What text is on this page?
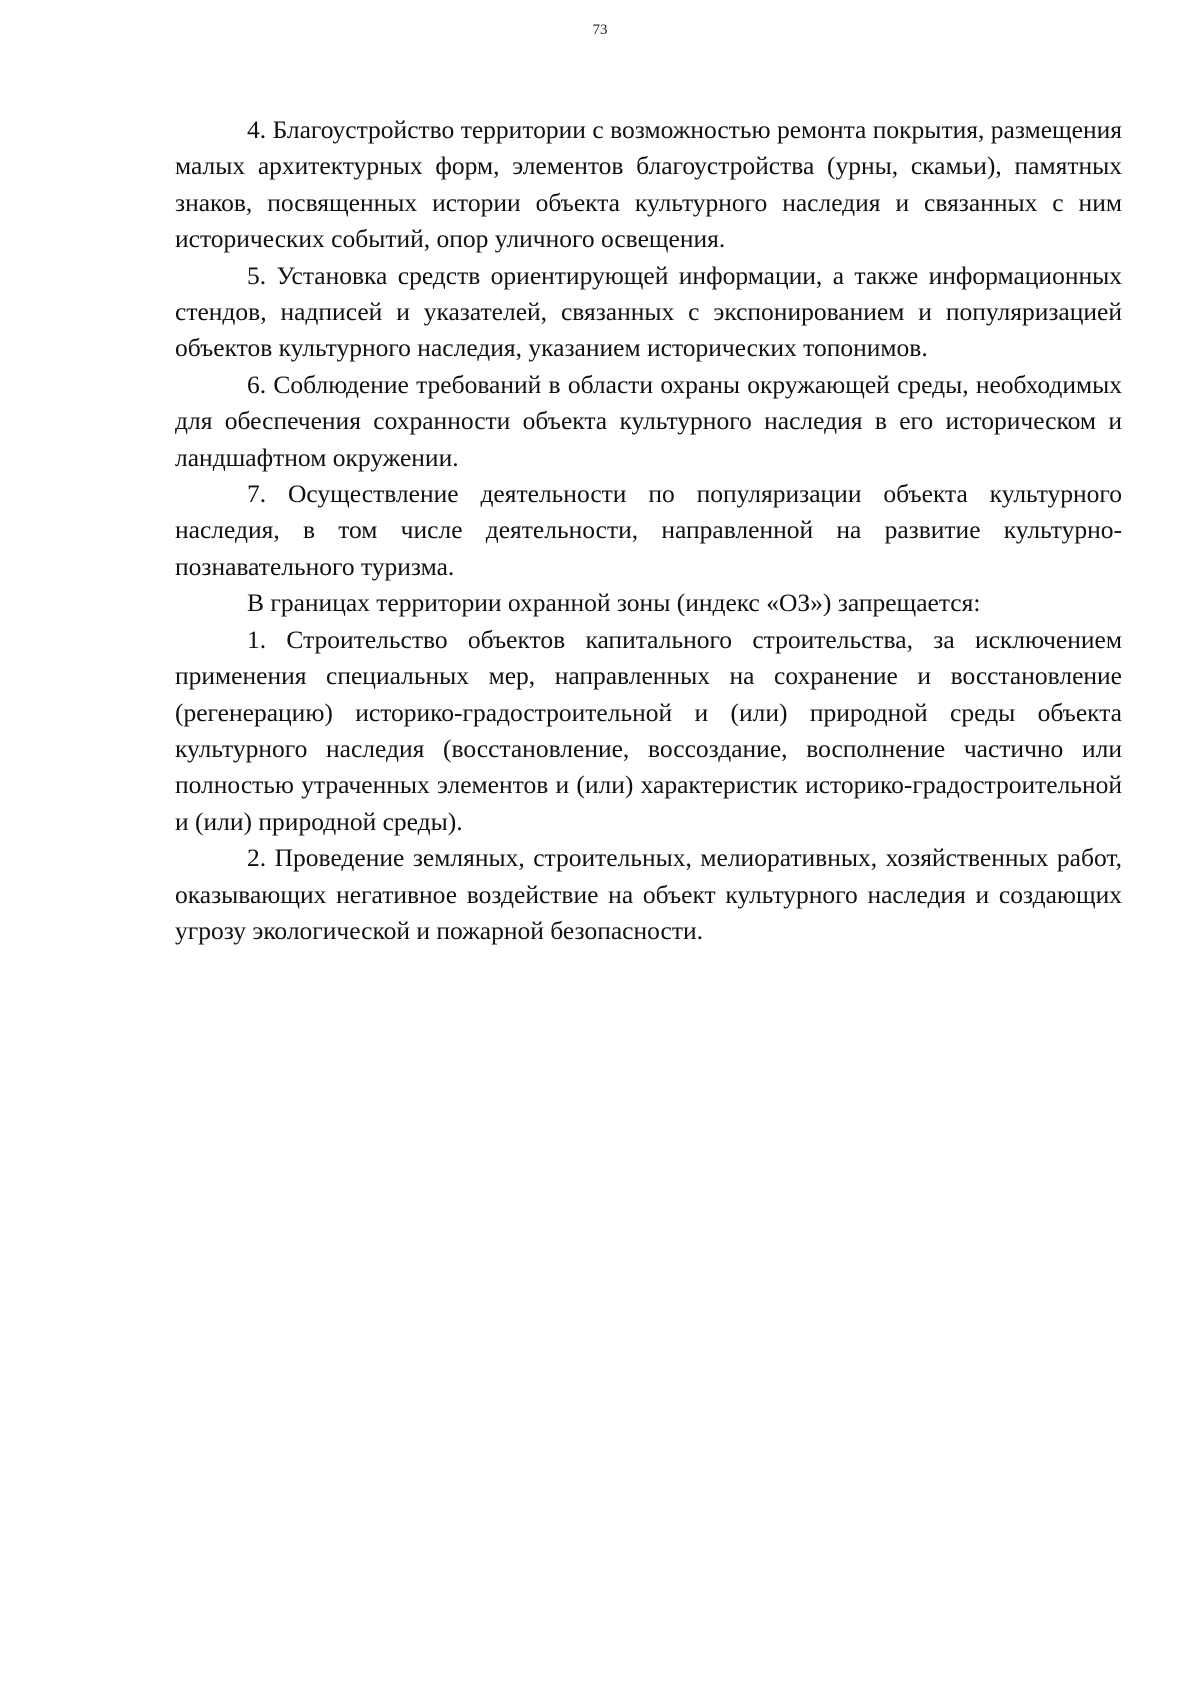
73

4. Благоустройство территории с возможностью ремонта покрытия, размещения малых архитектурных форм, элементов благоустройства (урны, скамьи), памятных знаков, посвященных истории объекта культурного наследия и связанных с ним исторических событий, опор уличного освещения.

5. Установка средств ориентирующей информации, а также информационных стендов, надписей и указателей, связанных с экспонированием и популяризацией объектов культурного наследия, указанием исторических топонимов.

6. Соблюдение требований в области охраны окружающей среды, необходимых для обеспечения сохранности объекта культурного наследия в его историческом и ландшафтном окружении.

7. Осуществление деятельности по популяризации объекта культурного наследия, в том числе деятельности, направленной на развитие культурно-познавательного туризма.

В границах территории охранной зоны (индекс «ОЗ») запрещается:

1. Строительство объектов капитального строительства, за исключением применения специальных мер, направленных на сохранение и восстановление (регенерацию) историко-градостроительной и (или) природной среды объекта культурного наследия (восстановление, воссоздание, восполнение частично или полностью утраченных элементов и (или) характеристик историко-градостроительной и (или) природной среды).

2. Проведение земляных, строительных, мелиоративных, хозяйственных работ, оказывающих негативное воздействие на объект культурного наследия и создающих угрозу экологической и пожарной безопасности.
